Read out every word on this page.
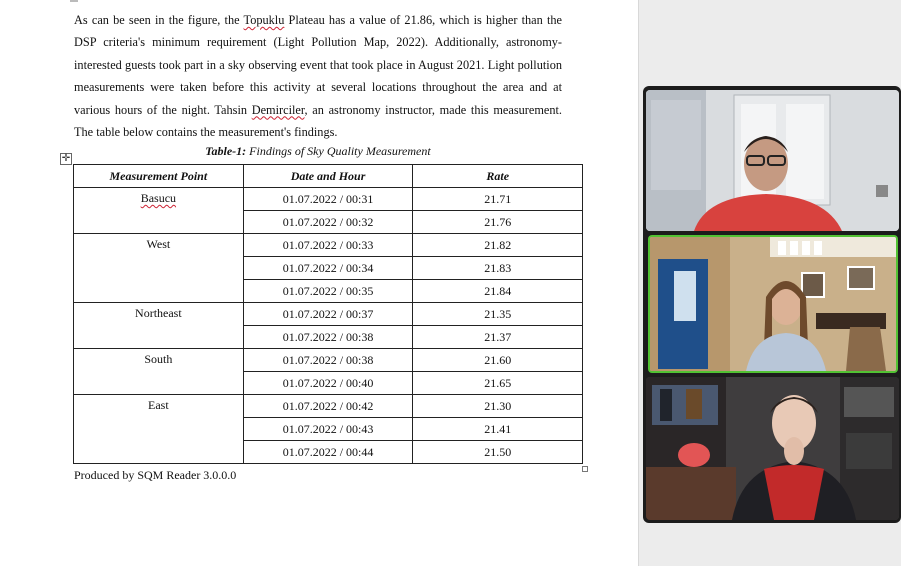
As can be seen in the figure, the Topuklu Plateau has a value of 21.86, which is higher than the DSP criteria's minimum requirement (Light Pollution Map, 2022). Additionally, astronomy-interested guests took part in a sky observing event that took place in August 2021. Light pollution measurements were taken before this activity at several locations throughout the area and at various hours of the night. Tahsin Demirciler, an astronomy instructor, made this measurement. The table below contains the measurement's findings.

Table-1: Findings of Sky Quality Measurement
✛
Measurement Point	Date and Hour	Rate
Basucu	01.07.2022 / 00:31	21.71
	01.07.2022 / 00:32	21.76
West	01.07.2022 / 00:33	21.82
	01.07.2022 / 00:34	21.83
	01.07.2022 / 00:35	21.84
Northeast	01.07.2022 / 00:37	21.35
	01.07.2022 / 00:38	21.37
South	01.07.2022 / 00:38	21.60
	01.07.2022 / 00:40	21.65
East	01.07.2022 / 00:42	21.30
	01.07.2022 / 00:43	21.41
	01.07.2022 / 00:44	21.50
Produced by SQM Reader 3.0.0.0
